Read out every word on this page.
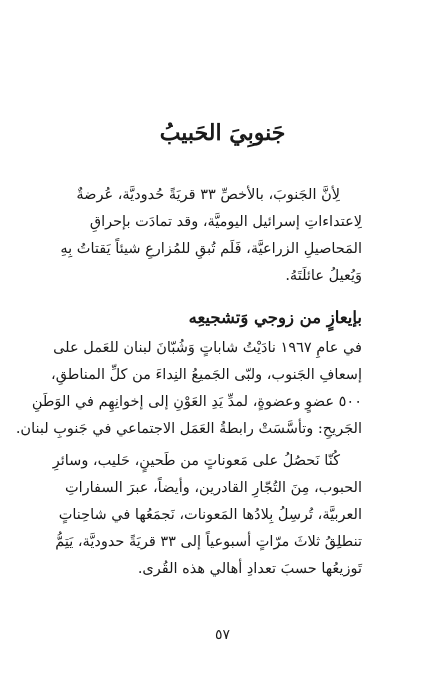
جَنوبِيَ الحَبيبُ
لِأنَّ الجَنوبَ، بالأخصِّ ٣٣ قريَةً حُدوديَّة، عُرضةٌ
لِاعتداءاتِ إسرائيل اليوميَّة، وقد تمادَت بإحراقِ
المَحاصيلِ الزراعيَّة، فَلَم تُبقِ للمُزارعِ شيئاً يَقتاتُ بِهِ
وَيُعيلُ عائلَتَهُ.
بإيعازٍ من زوجي وَتشجيعِه
في عامِ ١٩٦٧ نادَيْتُ شاباتٍ وَشُبّانَ لبنان للعَمل على
إسعافِ الجَنوب، ولبّى الجَميعُ النِداءَ من كلِّ المناطقِ،
٥٠٠ عضوٍ وعضوةٍ، لمدِّ يَدِ العَوْنِ إلى إخوانِهِم في الوَطَنِ
الجَريحِ: وتأسَّسَتْ رابطةُ العَمَل الاجتماعي في جَنوبِ لبنان.
كُنّا نَحصُلُ على مَعوناتٍ من طَحينٍ، حَليب، وسائرِ
الحبوب، مِنَ التُجّارِ القادرين، وأيضاً، عبرَ السفاراتِ
العربيَّة، تُرسِلُ بِلادُها المَعونات، نَجمَعُها في شاحِناتٍ
تنطلِقُ ثلاثَ مرّاتٍ أسبوعياً إلى ٣٣ قريَةً حدوديَّة، يَتِمُّ
تَوزيعُها حسبَ تعدادِ أهالي هذه القُرى.
٥٧
